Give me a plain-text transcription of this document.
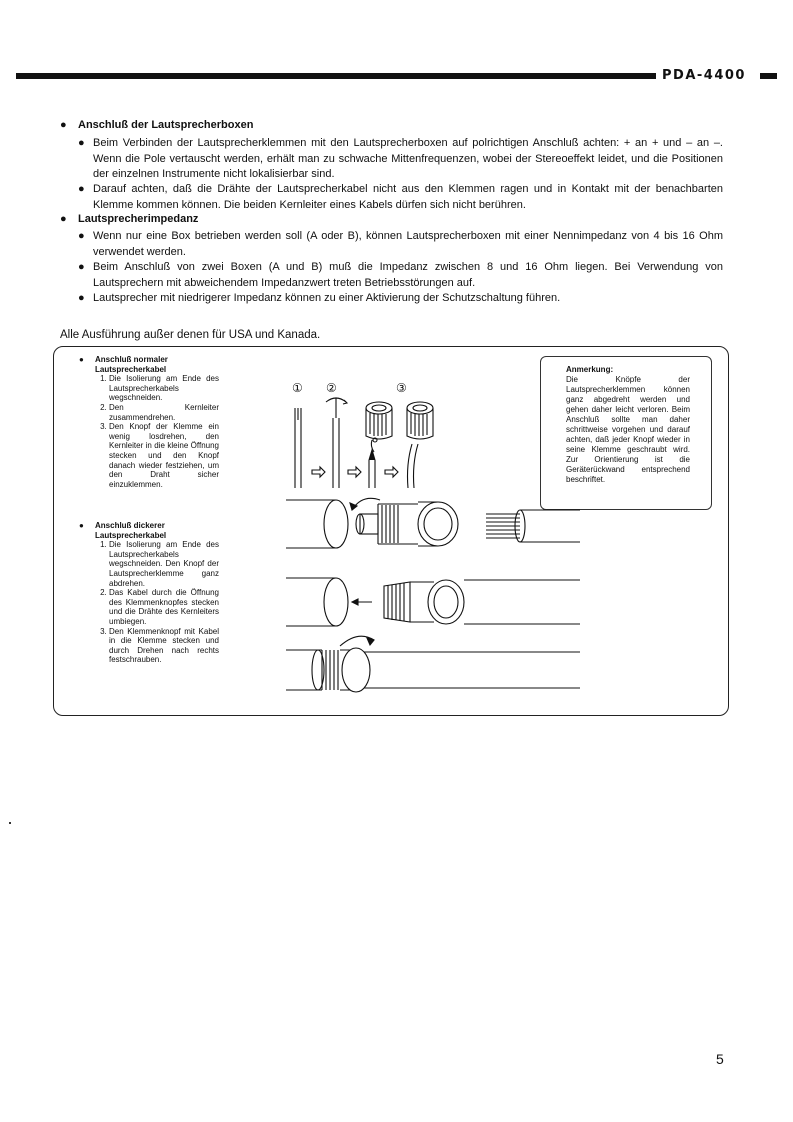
PDA-4400
● Anschluß der Lautsprecherboxen
● Beim Verbinden der Lautsprecherklemmen mit den Lautsprecherboxen auf polrichtigen Anschluß achten: + an + und – an –. Wenn die Pole vertauscht werden, erhält man zu schwache Mittenfrequenzen, wobei der Stereoeffekt leidet, und die Positionen der einzelnen Instrumente nicht lokalisierbar sind.
● Darauf achten, daß die Drähte der Lautsprecherkabel nicht aus den Klemmen ragen und in Kontakt mit der benachbarten Klemme kommen können. Die beiden Kernleiter eines Kabels dürfen sich nicht berühren.
● Lautsprecherimpedanz
● Wenn nur eine Box betrieben werden soll (A oder B), können Lautsprecherboxen mit einer Nennimpedanz von 4 bis 16 Ohm verwendet werden.
● Beim Anschluß von zwei Boxen (A und B) muß die Impedanz zwischen 8 und 16 Ohm liegen. Bei Verwendung von Lautsprechern mit abweichendem Impedanzwert treten Betriebsstörungen auf.
● Lautsprecher mit niedrigerer Impedanz können zu einer Aktivierung der Schutzschaltung führen.
Alle Ausführung außer denen für USA und Kanada.
● Anschluß normaler Lautsprecherkabel
1. Die Isolierung am Ende des Lautsprecherkabels wegschneiden.
2. Den Kernleiter zusammendrehen.
3. Den Knopf der Klemme ein wenig losdrehen, den Kernleiter in die kleine Öffnung stecken und den Knopf danach wieder festziehen, um den Draht sicher einzuklemmen.
● Anschluß dickerer Lautsprecherkabel
1. Die Isolierung am Ende des Lautsprecherkabels wegschneiden. Den Knopf der Lautsprecherklemme ganz abdrehen.
2. Das Kabel durch die Öffnung des Klemmenknopfes stecken und die Drähte des Kernleiters umbiegen.
3. Den Klemmenknopf mit Kabel in die Klemme stecken und durch Drehen nach rechts festschrauben.
Anmerkung:
Die Knöpfe der Lautsprecherklemmen können ganz abgedreht werden und gehen daher leicht verloren. Beim Anschluß sollte man daher schrittweise vorgehen und darauf achten, daß jeder Knopf wieder in seine Klemme geschraubt wird. Zur Orientierung ist die Geräterückwand entsprechend beschriftet.
① ②	③
5
